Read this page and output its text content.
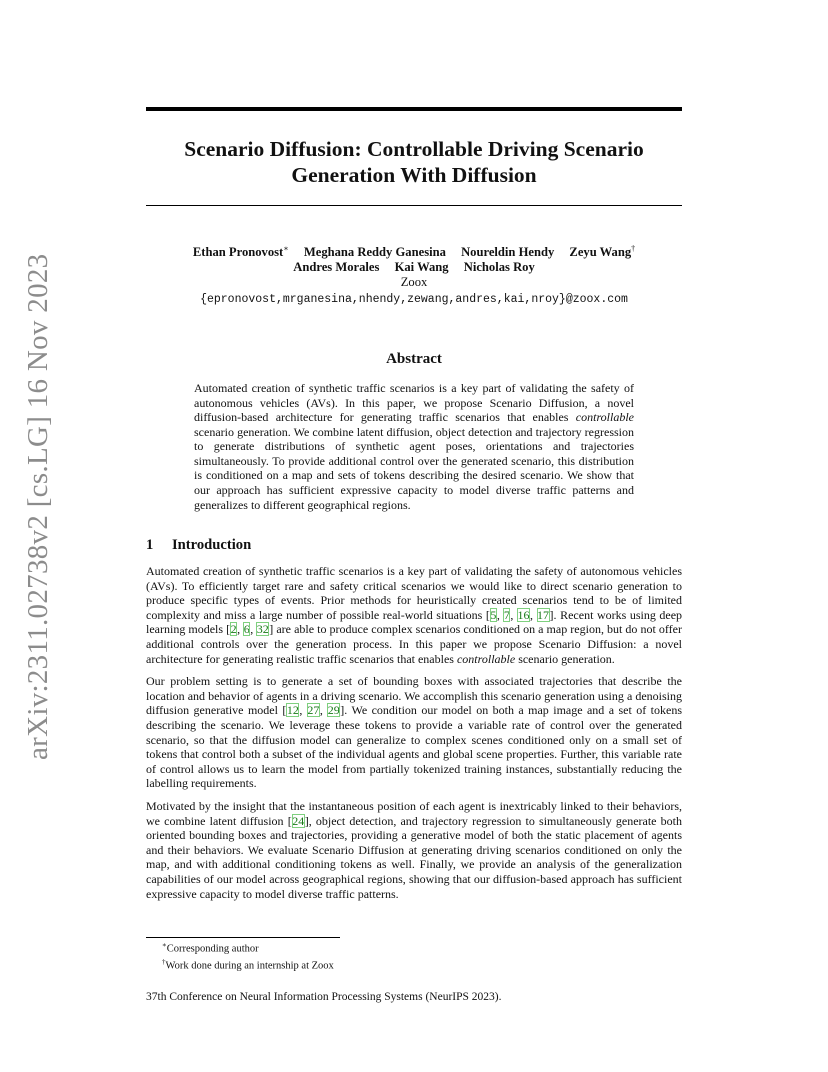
arXiv:2311.02738v2 [cs.LG] 16 Nov 2023
Scenario Diffusion: Controllable Driving Scenario Generation With Diffusion
Ethan Pronovost∗ Meghana Reddy Ganesina Noureldin Hendy Zeyu Wang†
Andres Morales Kai Wang Nicholas Roy
Zoox
{epronovost,mrganesina,nhendy,zewang,andres,kai,nroy}@zoox.com
Abstract
Automated creation of synthetic traffic scenarios is a key part of validating the safety of autonomous vehicles (AVs). In this paper, we propose Scenario Diffusion, a novel diffusion-based architecture for generating traffic scenarios that enables controllable scenario generation. We combine latent diffusion, object detection and trajectory regression to generate distributions of synthetic agent poses, orientations and trajectories simultaneously. To provide additional control over the generated scenario, this distribution is conditioned on a map and sets of tokens describing the desired scenario. We show that our approach has sufficient expressive capacity to model diverse traffic patterns and generalizes to different geographical regions.
1 Introduction
Automated creation of synthetic traffic scenarios is a key part of validating the safety of autonomous vehicles (AVs). To efficiently target rare and safety critical scenarios we would like to direct scenario generation to produce specific types of events. Prior methods for heuristically created scenarios tend to be of limited complexity and miss a large number of possible real-world situations [5, 7, 16, 17]. Recent works using deep learning models [2, 6, 32] are able to produce complex scenarios conditioned on a map region, but do not offer additional controls over the generation process. In this paper we propose Scenario Diffusion: a novel architecture for generating realistic traffic scenarios that enables controllable scenario generation.
Our problem setting is to generate a set of bounding boxes with associated trajectories that describe the location and behavior of agents in a driving scenario. We accomplish this scenario generation using a denoising diffusion generative model [12, 27, 29]. We condition our model on both a map image and a set of tokens describing the scenario. We leverage these tokens to provide a variable rate of control over the generated scenario, so that the diffusion model can generalize to complex scenes conditioned only on a small set of tokens that control both a subset of the individual agents and global scene properties. Further, this variable rate of control allows us to learn the model from partially tokenized training instances, substantially reducing the labelling requirements.
Motivated by the insight that the instantaneous position of each agent is inextricably linked to their behaviors, we combine latent diffusion [24], object detection, and trajectory regression to simultaneously generate both oriented bounding boxes and trajectories, providing a generative model of both the static placement of agents and their behaviors. We evaluate Scenario Diffusion at generating driving scenarios conditioned on only the map, and with additional conditioning tokens as well. Finally, we provide an analysis of the generalization capabilities of our model across geographical regions, showing that our diffusion-based approach has sufficient expressive capacity to model diverse traffic patterns.
∗Corresponding author
†Work done during an internship at Zoox
37th Conference on Neural Information Processing Systems (NeurIPS 2023).
